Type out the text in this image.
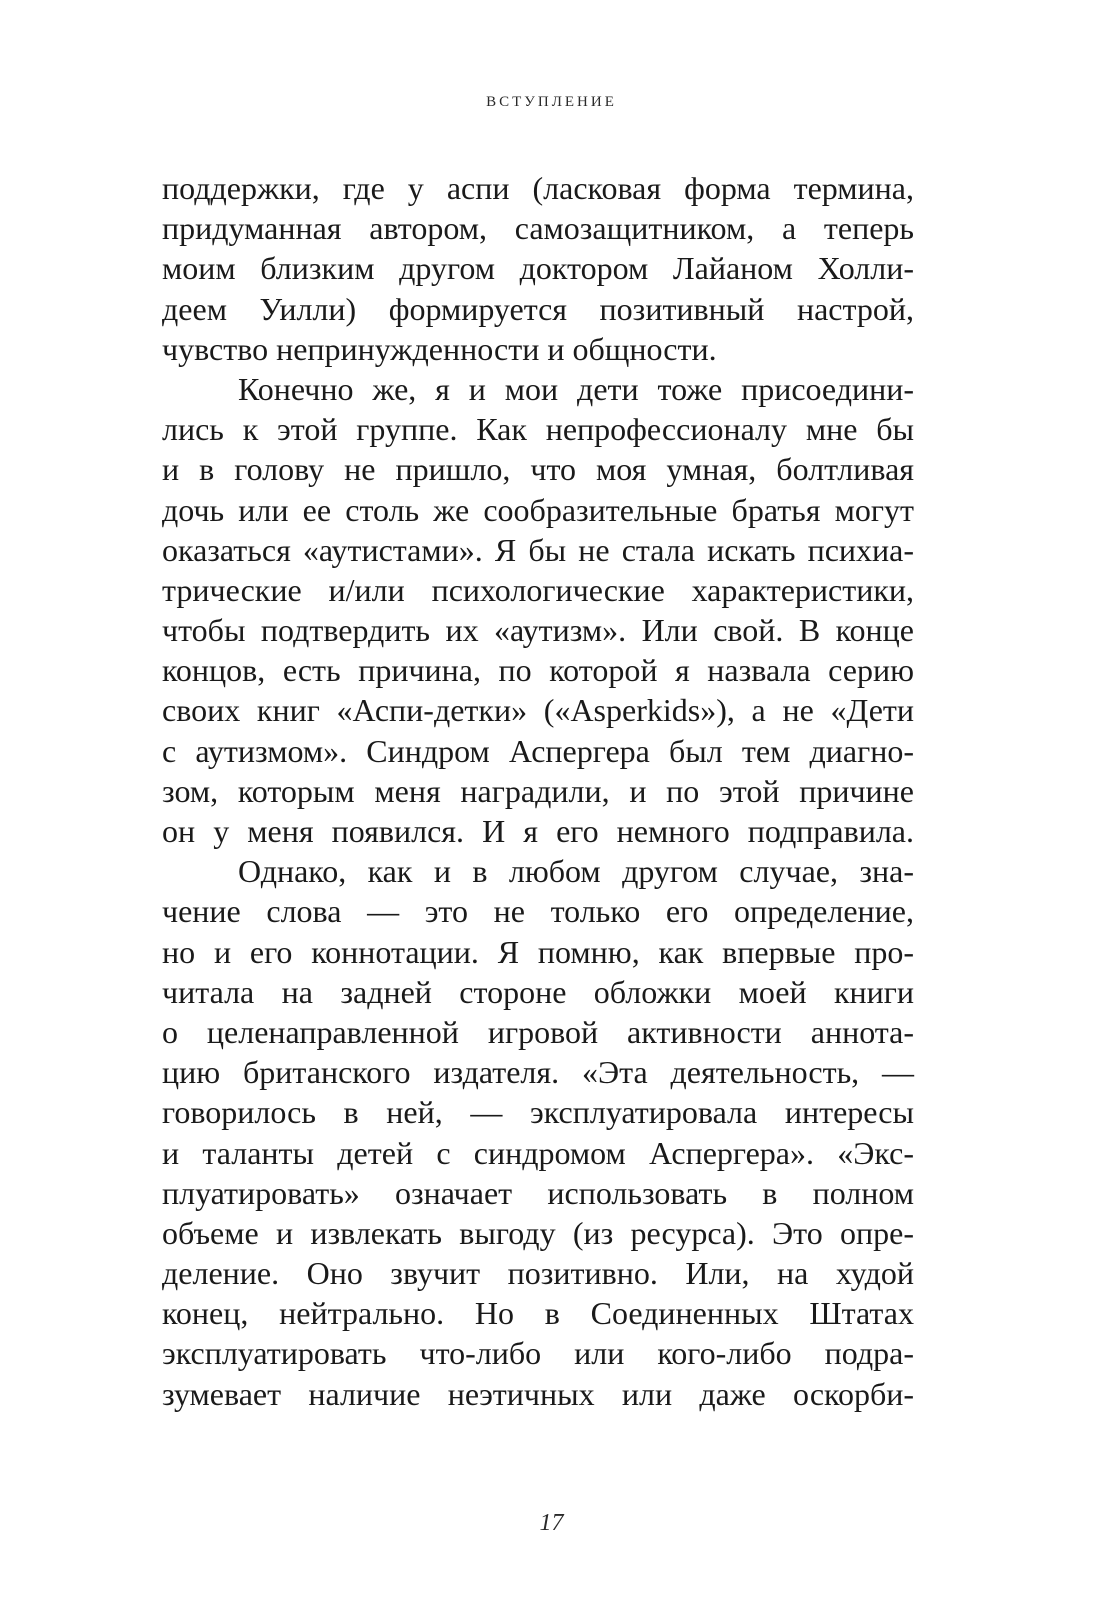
ВСТУПЛЕНИЕ
поддержки, где у аспи (ласковая форма термина,
придуманная автором, самозащитником, а теперь
моим близким другом доктором Лайаном Холли-
деем Уилли) формируется позитивный настрой,
чувство непринужденности и общности.
Конечно же, я и мои дети тоже присоедини-
лись к этой группе. Как непрофессионалу мне бы
и в голову не пришло, что моя умная, болтливая
дочь или ее столь же сообразительные братья могут
оказаться «аутистами». Я бы не стала искать психиа-
трические и/или психологические характеристики,
чтобы подтвердить их «аутизм». Или свой. В конце
концов, есть причина, по которой я назвала серию
своих книг «Аспи-детки» («Asperkids»), а не «Дети
с аутизмом». Синдром Аспергера был тем диагно-
зом, которым меня наградили, и по этой причине
он у меня появился. И я его немного подправила.
Однако, как и в любом другом случае, зна-
чение слова — это не только его определение,
но и его коннотации. Я помню, как впервые про-
читала на задней стороне обложки моей книги
о целенаправленной игровой активности аннота-
цию британского издателя. «Эта деятельность, —
говорилось в ней, — эксплуатировала интересы
и таланты детей с синдромом Аспергера». «Экс-
плуатировать» означает использовать в полном
объеме и извлекать выгоду (из ресурса). Это опре-
деление. Оно звучит позитивно. Или, на худой
конец, нейтрально. Но в Соединенных Штатах
эксплуатировать что-либо или кого-либо подра-
зумевает наличие неэтичных или даже оскорби-
17
